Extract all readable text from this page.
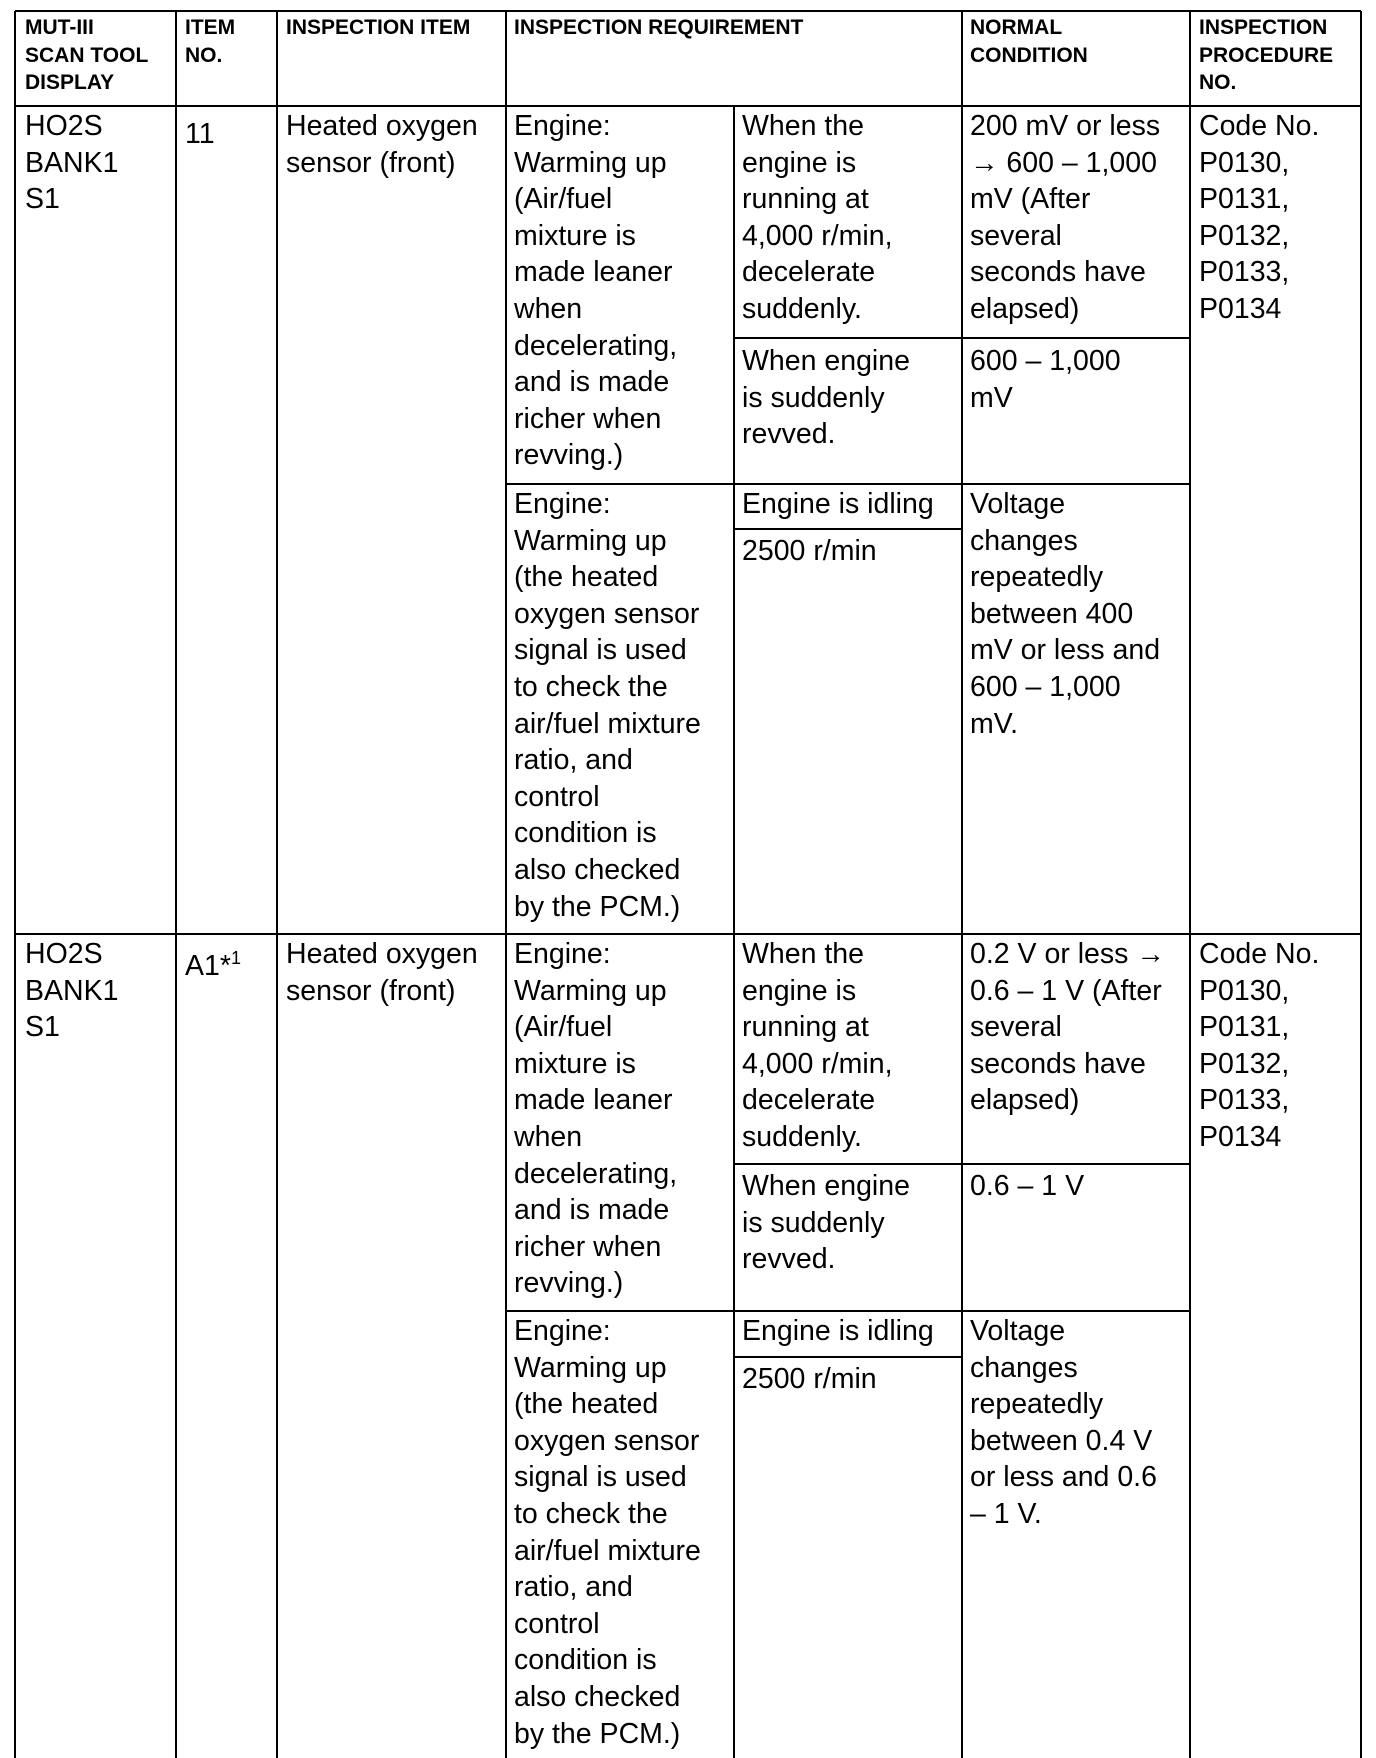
MUT-III
SCAN TOOL
DISPLAY
ITEM
NO.
INSPECTION ITEM INSPECTION REQUIREMENT	NORMAL
CONDITION
INSPECTION
PROCEDURE
NO.
HO2S
BANK1
S1
11	Heated oxygen
sensor (front)
Engine:
Warming up
(Air/fuel
mixture is
made leaner
when
decelerating,
and is made
richer when
revving.)
When the
engine is
running at
4,000 r/min,
decelerate
suddenly.
200 mV or less
→ 600 – 1,000
mV (After
several
seconds have
elapsed)
When engine
is suddenly
revved.
600 – 1,000
mV
Engine:
Warming up
(the heated
oxygen sensor
signal is used
to check the
air/fuel mixture
ratio, and
control
condition is
also checked
by the PCM.)
Engine is idling
2500 r/min
Voltage
changes
repeatedly
between 400
mV or less and
600 – 1,000
mV.
Code No.
P0130,
P0131,
P0132,
P0133,
P0134
HO2S
BANK1
S1
A1*$^1$ Heated oxygen
sensor (front)
Engine:
Warming up
(Air/fuel
mixture is
made leaner
when
decelerating,
and is made
richer when
revving.)
When the
engine is
running at
4,000 r/min,
decelerate
suddenly.
0.2 V or less →
0.6 – 1 V (After
several
seconds have
elapsed)
When engine
is suddenly
revved.
0.6 – 1 V
Engine:
Warming up
(the heated
oxygen sensor
signal is used
to check the
air/fuel mixture
ratio, and
control
condition is
also checked
by the PCM.)
Engine is idling
2500 r/min
Voltage
changes
repeatedly
between 0.4 V
or less and 0.6
– 1 V.
Code No.
P0130,
P0131,
P0132,
P0133,
P0134
